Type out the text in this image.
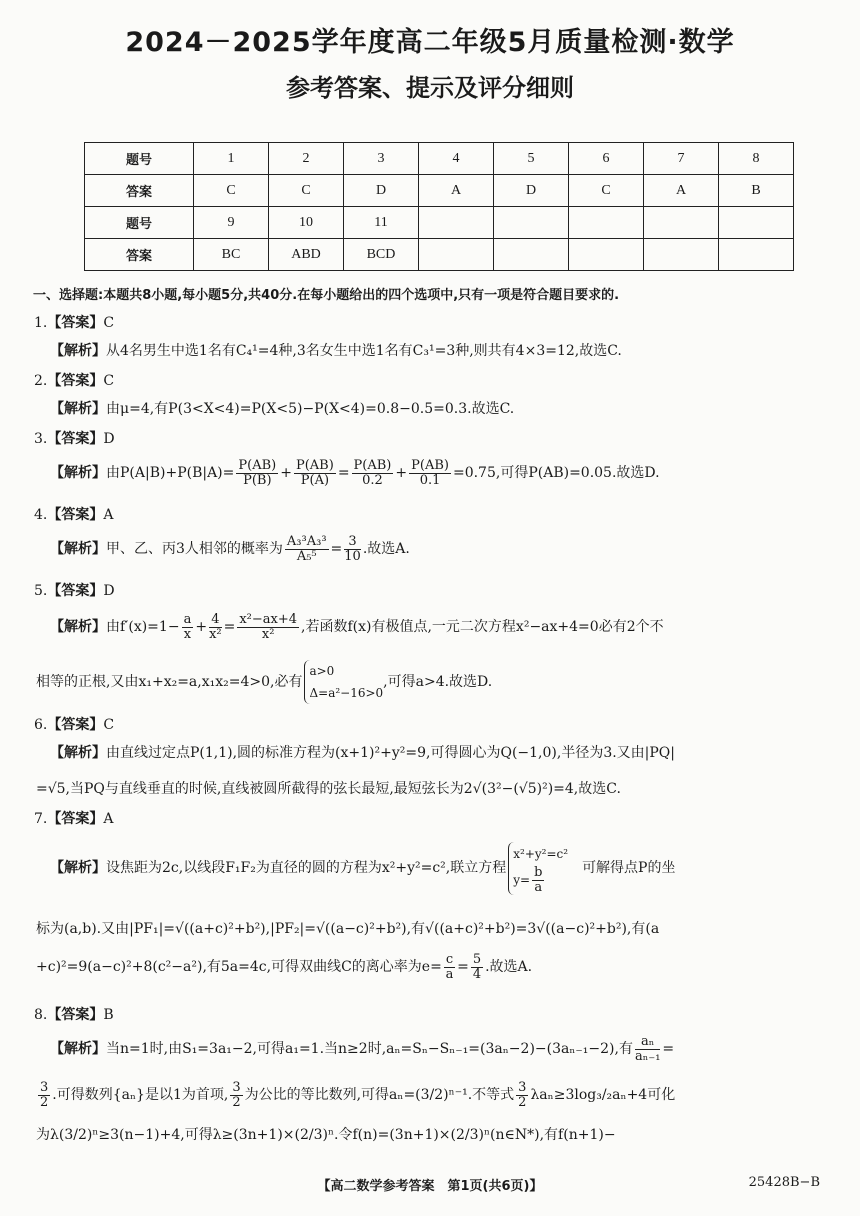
2024－2025学年度高二年级5月质量检测·数学
参考答案、提示及评分细则
题号	1	2	3	4	5	6	7	8
答案	C	C	D	A	D	C	A	B
题号	9	10	11					
答案	BC	ABD	BCD					
一、选择题:本题共8小题,每小题5分,共40分.在每小题给出的四个选项中,只有一项是符合题目要求的.
1.【答案】C
【解析】从4名男生中选1名有C₄¹=4种,3名女生中选1名有C₃¹=3种,则共有4×3=12,故选C.
2.【答案】C
【解析】由μ=4,有P(3<X<4)=P(X<5)−P(X<4)=0.8−0.5=0.3.故选C.
3.【答案】D
【解析】由$P(A|B)+P(B|A)= \frac{P(AB)}{P(B)} + \frac{P(AB)}{P(A)} = \frac{P(AB)}{0.2} + \frac{P(AB)}{0.1} =0.75$,可得P(AB)=0.05.故选D.
4.【答案】A
【解析】甲、乙、丙3人相邻的概率为 $\frac{\text{A₃³A₃³}}{\text{A₅⁵}} = \frac{3}{10}$ .故选A.
5.【答案】D
【解析】由$f'(x)=1- \frac{a}{x} + \frac{4}{\text{x²}} = \frac{\text{x²−ax+4}}{\text{x²}}$ ,若函数f(x)有极值点,一元二次方程x²−ax+4=0必有2个不
相等的正根,又由x₁+x₂=a,x₁x₂=4>0,必有
a>0
Δ=a²−16>0
,可得a>4.故选D.
6.【答案】C
【解析】由直线过定点P(1,1),圆的标准方程为(x+1)²+y²=9,可得圆心为Q(−1,0),半径为3.又由|PQ|
=√5,当PQ与直线垂直的时候,直线被圆所截得的弦长最短,最短弦长为2√(3²−(√5)²)=4,故选C.
7.【答案】A
【解析】设焦距为2c,以线段F₁F₂为直径的圆的方程为x²+y²=c²,联立方程
x²+y²=c²
$y= \frac{b}{a}$	可解得点P的坐
标为(a,b).又由|PF₁|=√((a+c)²+b²),|PF₂|=√((a−c)²+b²),有√((a+c)²+b²)=3√((a−c)²+b²),有(a
+c)²=9(a−c)²+8(c²−a²),有5a=4c,可得双曲线C的离心率为$e= \frac{c}{a} = \frac{5}{4}$ .故选A.
8.【答案】B
【解析】当n=1时,由S₁=3a₁−2,可得a₁=1.当n≥2时,aₙ=Sₙ−Sₙ₋₁=(3aₙ−2)−(3aₙ₋₁−2),有 $\frac{\text{aₙ}}{\text{aₙ₋₁}}$ =
$\frac{3}{2}$ .可得数列{aₙ}是以1为首项, $\frac{3}{2}$ 为公比的等比数列,可得aₙ=(3/2)ⁿ⁻¹.不等式 $\frac{3}{2} \lambda a_n\ge 3\log_3/_2a_n+4$可化
为λ(3/2)ⁿ≥3(n−1)+4,可得λ≥(3n+1)×(2/3)ⁿ.令f(n)=(3n+1)×(2/3)ⁿ(n∈N*),有f(n+1)−
【高二数学参考答案　第1页(共6页)】	25428B−B
